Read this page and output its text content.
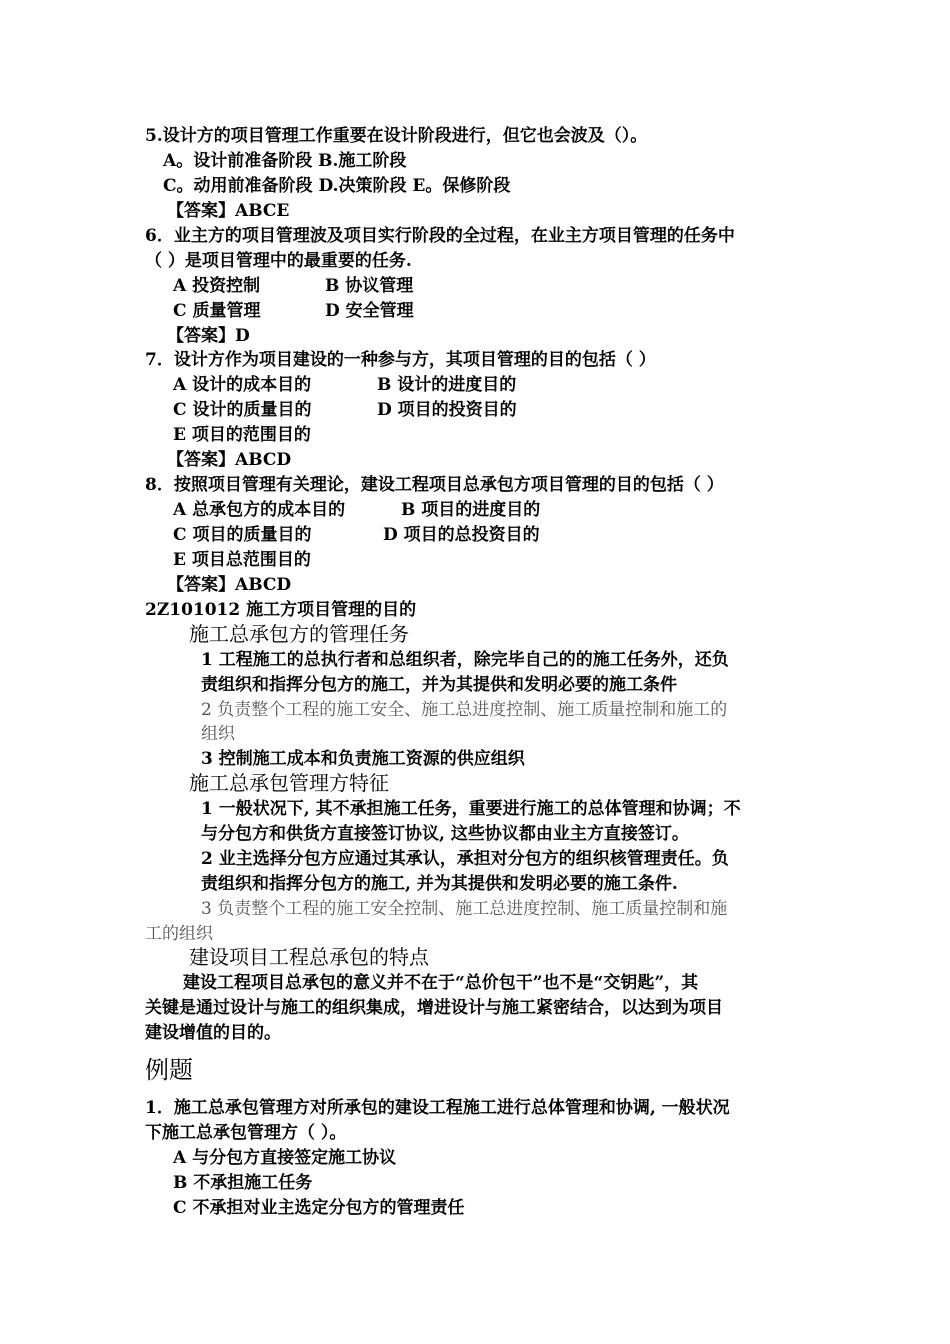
5.设计方的项目管理工作重要在设计阶段进行，但它也会波及（）。
A。设计前准备阶段 B.施工阶段
C。动用前准备阶段 D.决策阶段 E。保修阶段
【答案】ABCE
6．业主方的项目管理波及项目实行阶段的全过程，在业主方项目管理的任务中
（ ）是项目管理中的最重要的任务.
A 投资控制	B 协议管理
C 质量管理	D 安全管理
【答案】D
7．设计方作为项目建设的一种参与方，其项目管理的目的包括（ ）
A 设计的成本目的	B 设计的进度目的
C 设计的质量目的	D 项目的投资目的
E 项目的范围目的
【答案】ABCD
8．按照项目管理有关理论，建设工程项目总承包方项目管理的目的包括（ ）
A 总承包方的成本目的	B 项目的进度目的
C 项目的质量目的	D 项目的总投资目的
E 项目总范围目的
【答案】ABCD
2Z101012 施工方项目管理的目的
施工总承包方的管理任务
1 工程施工的总执行者和总组织者，除完毕自己的的施工任务外，还负
责组织和指挥分包方的施工，并为其提供和发明必要的施工条件
2 负责整个工程的施工安全、施工总进度控制、施工质量控制和施工的
组织
3 控制施工成本和负责施工资源的供应组织
施工总承包管理方特征
1 一般状况下, 其不承担施工任务，重要进行施工的总体管理和协调；不
与分包方和供货方直接签订协议, 这些协议都由业主方直接签订。
2 业主选择分包方应通过其承认，承担对分包方的组织核管理责任。负
责组织和指挥分包方的施工, 并为其提供和发明必要的施工条件.
3 负责整个工程的施工安全控制、施工总进度控制、施工质量控制和施
工的组织
建设项目工程总承包的特点
建设工程项目总承包的意义并不在于“总价包干”也不是“交钥匙”，其
关键是通过设计与施工的组织集成，增进设计与施工紧密结合，以达到为项目
建设增值的目的。
例题
1．施工总承包管理方对所承包的建设工程施工进行总体管理和协调, 一般状况
下施工总承包管理方（ ）。
A 与分包方直接签定施工协议
B 不承担施工任务
C 不承担对业主选定分包方的管理责任
